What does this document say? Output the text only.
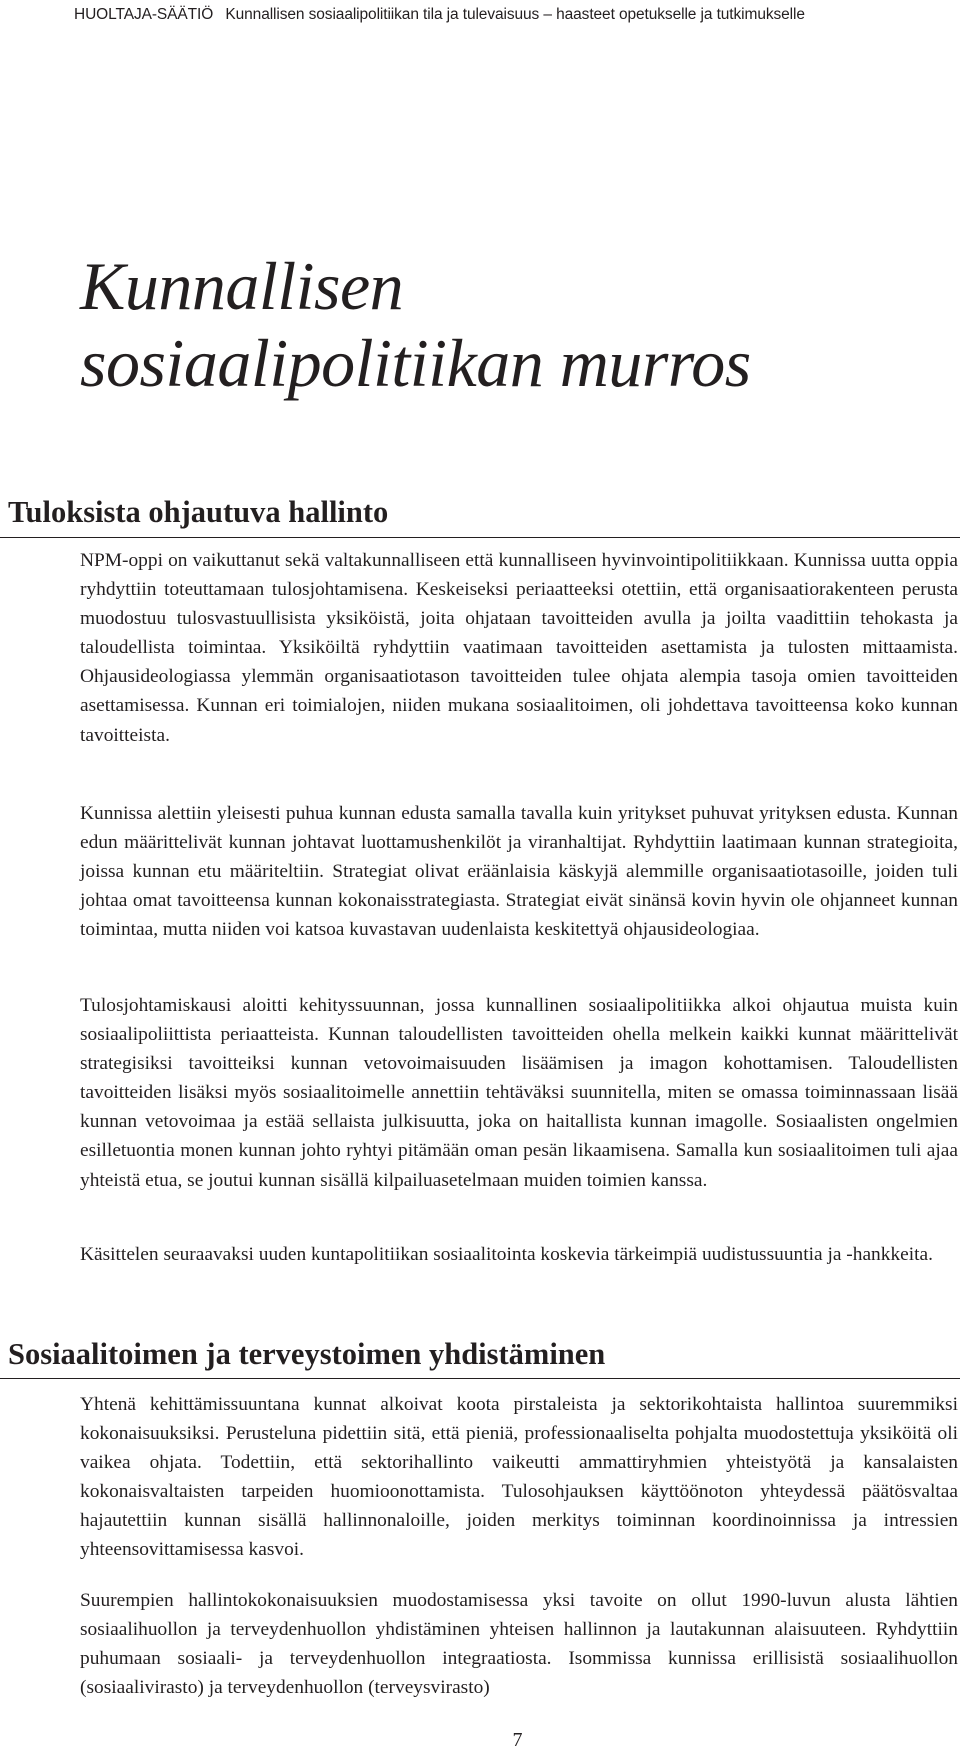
HUOLTAJA-SÄÄTIÖ Kunnallisen sosiaalipolitiikan tila ja tulevaisuus – haasteet opetukselle ja tutkimukselle
Kunnallisen
sosiaalipolitiikan murros
Tuloksista ohjautuva hallinto

NPM-oppi on vaikuttanut sekä valtakunnalliseen että kunnalliseen hyvinvointipolitiikkaan. Kunnissa uutta oppia ryhdyttiin toteuttamaan tulosjohtamisena. Keskeiseksi periaatteeksi otettiin, että organisaatiorakenteen perusta muodostuu tulosvastuullisista yksiköistä, joita ohjataan tavoitteiden avulla ja joilta vaadittiin tehokasta ja taloudellista toimintaa. Yksiköiltä ryhdyttiin vaatimaan tavoitteiden asettamista ja tulosten mittaamista. Ohjausideologiassa ylemmän organisaatiotason tavoitteiden tulee ohjata alempia tasoja omien tavoitteiden asettamisessa. Kunnan eri toimialojen, niiden mukana sosiaalitoimen, oli johdettava tavoitteensa koko kunnan tavoitteista.

Kunnissa alettiin yleisesti puhua kunnan edusta samalla tavalla kuin yritykset puhuvat yrityksen edusta. Kunnan edun määrittelivät kunnan johtavat luottamushenkilöt ja viranhaltijat. Ryhdyttiin laatimaan kunnan strategioita, joissa kunnan etu määriteltiin. Strategiat olivat eräänlaisia käskyjä alemmille organisaatiotasoille, joiden tuli johtaa omat tavoitteensa kunnan kokonaisstrategiasta. Strategiat eivät sinänsä kovin hyvin ole ohjanneet kunnan toimintaa, mutta niiden voi katsoa kuvastavan uudenlaista keskitettyä ohjausideologiaa.

Tulosjohtamiskausi aloitti kehityssuunnan, jossa kunnallinen sosiaalipolitiikka alkoi ohjautua muista kuin sosiaalipoliittista periaatteista. Kunnan taloudellisten tavoitteiden ohella melkein kaikki kunnat määrittelivät strategisiksi tavoitteiksi kunnan vetovoimaisuuden lisäämisen ja imagon kohottamisen. Taloudellisten tavoitteiden lisäksi myös sosiaalitoimelle annettiin tehtäväksi suunnitella, miten se omassa toiminnassaan lisää kunnan vetovoimaa ja estää sellaista julkisuutta, joka on haitallista kunnan imagolle. Sosiaalisten ongelmien esilletuontia monen kunnan johto ryhtyi pitämään oman pesän likaamisena. Samalla kun sosiaalitoimen tuli ajaa yhteistä etua, se joutui kunnan sisällä kilpailuasetelmaan muiden toimien kanssa.

Käsittelen seuraavaksi uuden kuntapolitiikan sosiaalitointa koskevia tärkeimpiä uudistussuuntia ja -hankkeita.

Sosiaalitoimen ja terveystoimen yhdistäminen

Yhtenä kehittämissuuntana kunnat alkoivat koota pirstaleista ja sektorikohtaista hallintoa suuremmiksi kokonaisuuksiksi. Perusteluna pidettiin sitä, että pieniä, professionaaliselta pohjalta muodostettuja yksiköitä oli vaikea ohjata. Todettiin, että sektorihallinto vaikeutti ammattiryhmien yhteistyötä ja kansalaisten kokonaisvaltaisten tarpeiden huomioonottamista. Tulosohjauksen käyttöönoton yhteydessä päätösvaltaa hajautettiin kunnan sisällä hallinnonaloille, joiden merkitys toiminnan koordinoinnissa ja intressien yhteensovittamisessa kasvoi.

Suurempien hallintokokonaisuuksien muodostamisessa yksi tavoite on ollut 1990-luvun alusta lähtien sosiaalihuollon ja terveydenhuollon yhdistäminen yhteisen hallinnon ja lautakunnan alaisuuteen. Ryhdyttiin puhumaan sosiaali- ja terveydenhuollon integraatiosta. Isommissa kunnissa erillisistä sosiaalihuollon (sosiaalivirasto) ja terveydenhuollon (terveysvirasto)

7
